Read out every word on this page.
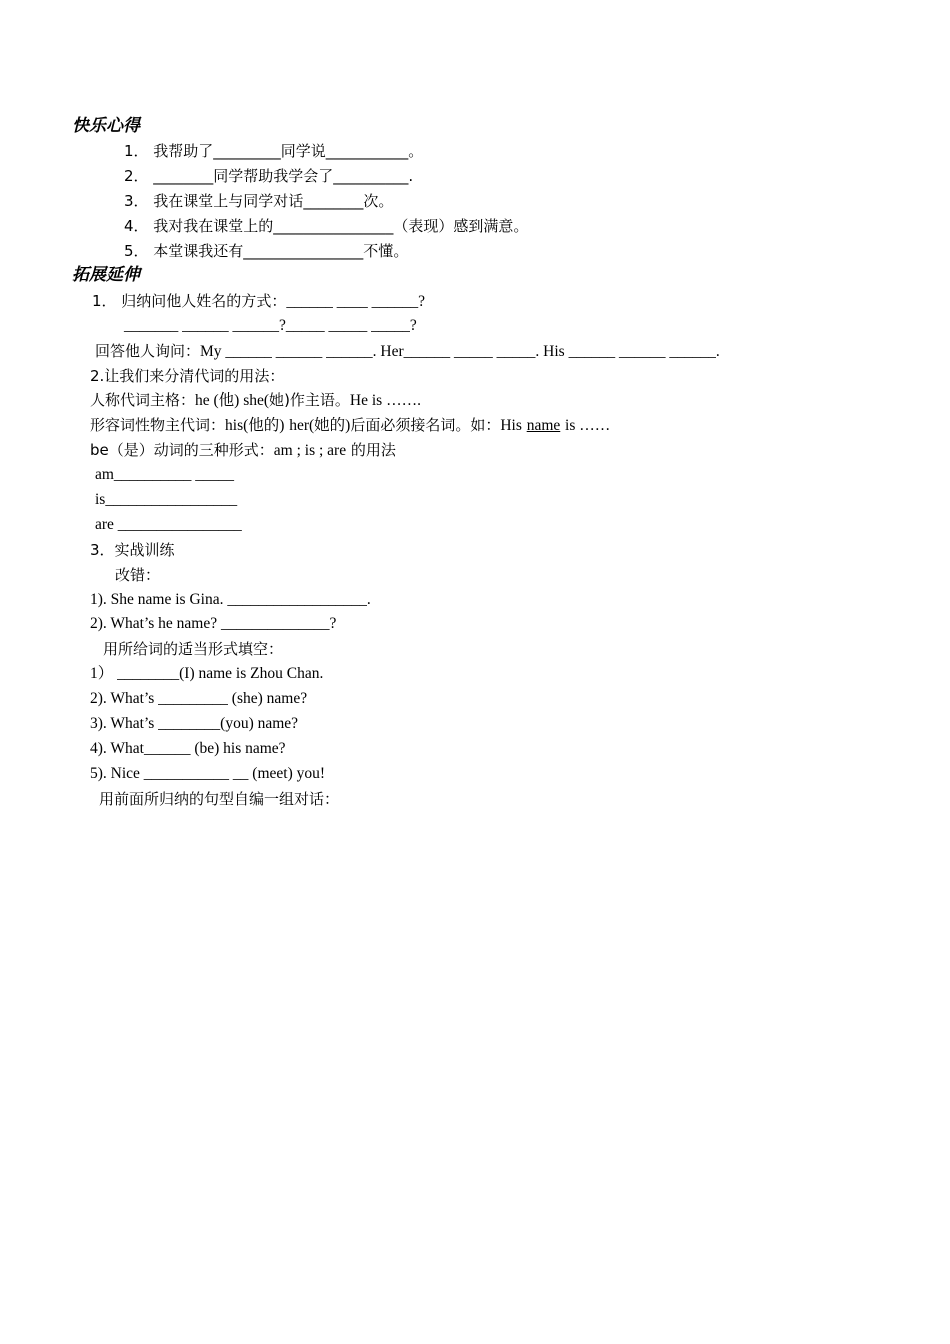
快乐心得
1． 我帮助了_________同学说___________。
2． ________同学帮助我学会了__________.
3． 我在课堂上与同学对话________次。
4． 我对我在课堂上的________________（表现）感到满意。
5． 本堂课我还有________________不懂。
拓展延伸
1． 归纳问他人姓名的方式：______ ____ ______?
_______ ______ ______?_____ _____ _____?
回答他人询问：My ______ ______ ______. Her______ _____ _____. His ______ ______ ______.
2.让我们来分清代词的用法：
人称代词主格：he (他) she(她)作主语。He is …….
形容词性物主代词：his(他的) her(她的)后面必须接名词。如：His name is ……
be（是）动词的三种形式：am ; is ; are 的用法
am__________ _____
is_________________
are ________________
3．实战训练
改错：
1). She name is Gina. __________________.
2). What’s he name? ______________?
用所给词的适当形式填空：
1） ________(I) name is Zhou Chan.
2). What’s _________ (she) name?
3). What’s ________(you) name?
4). What______ (be) his name?
5). Nice ___________ __ (meet) you!
用前面所归纳的句型自编一组对话：
